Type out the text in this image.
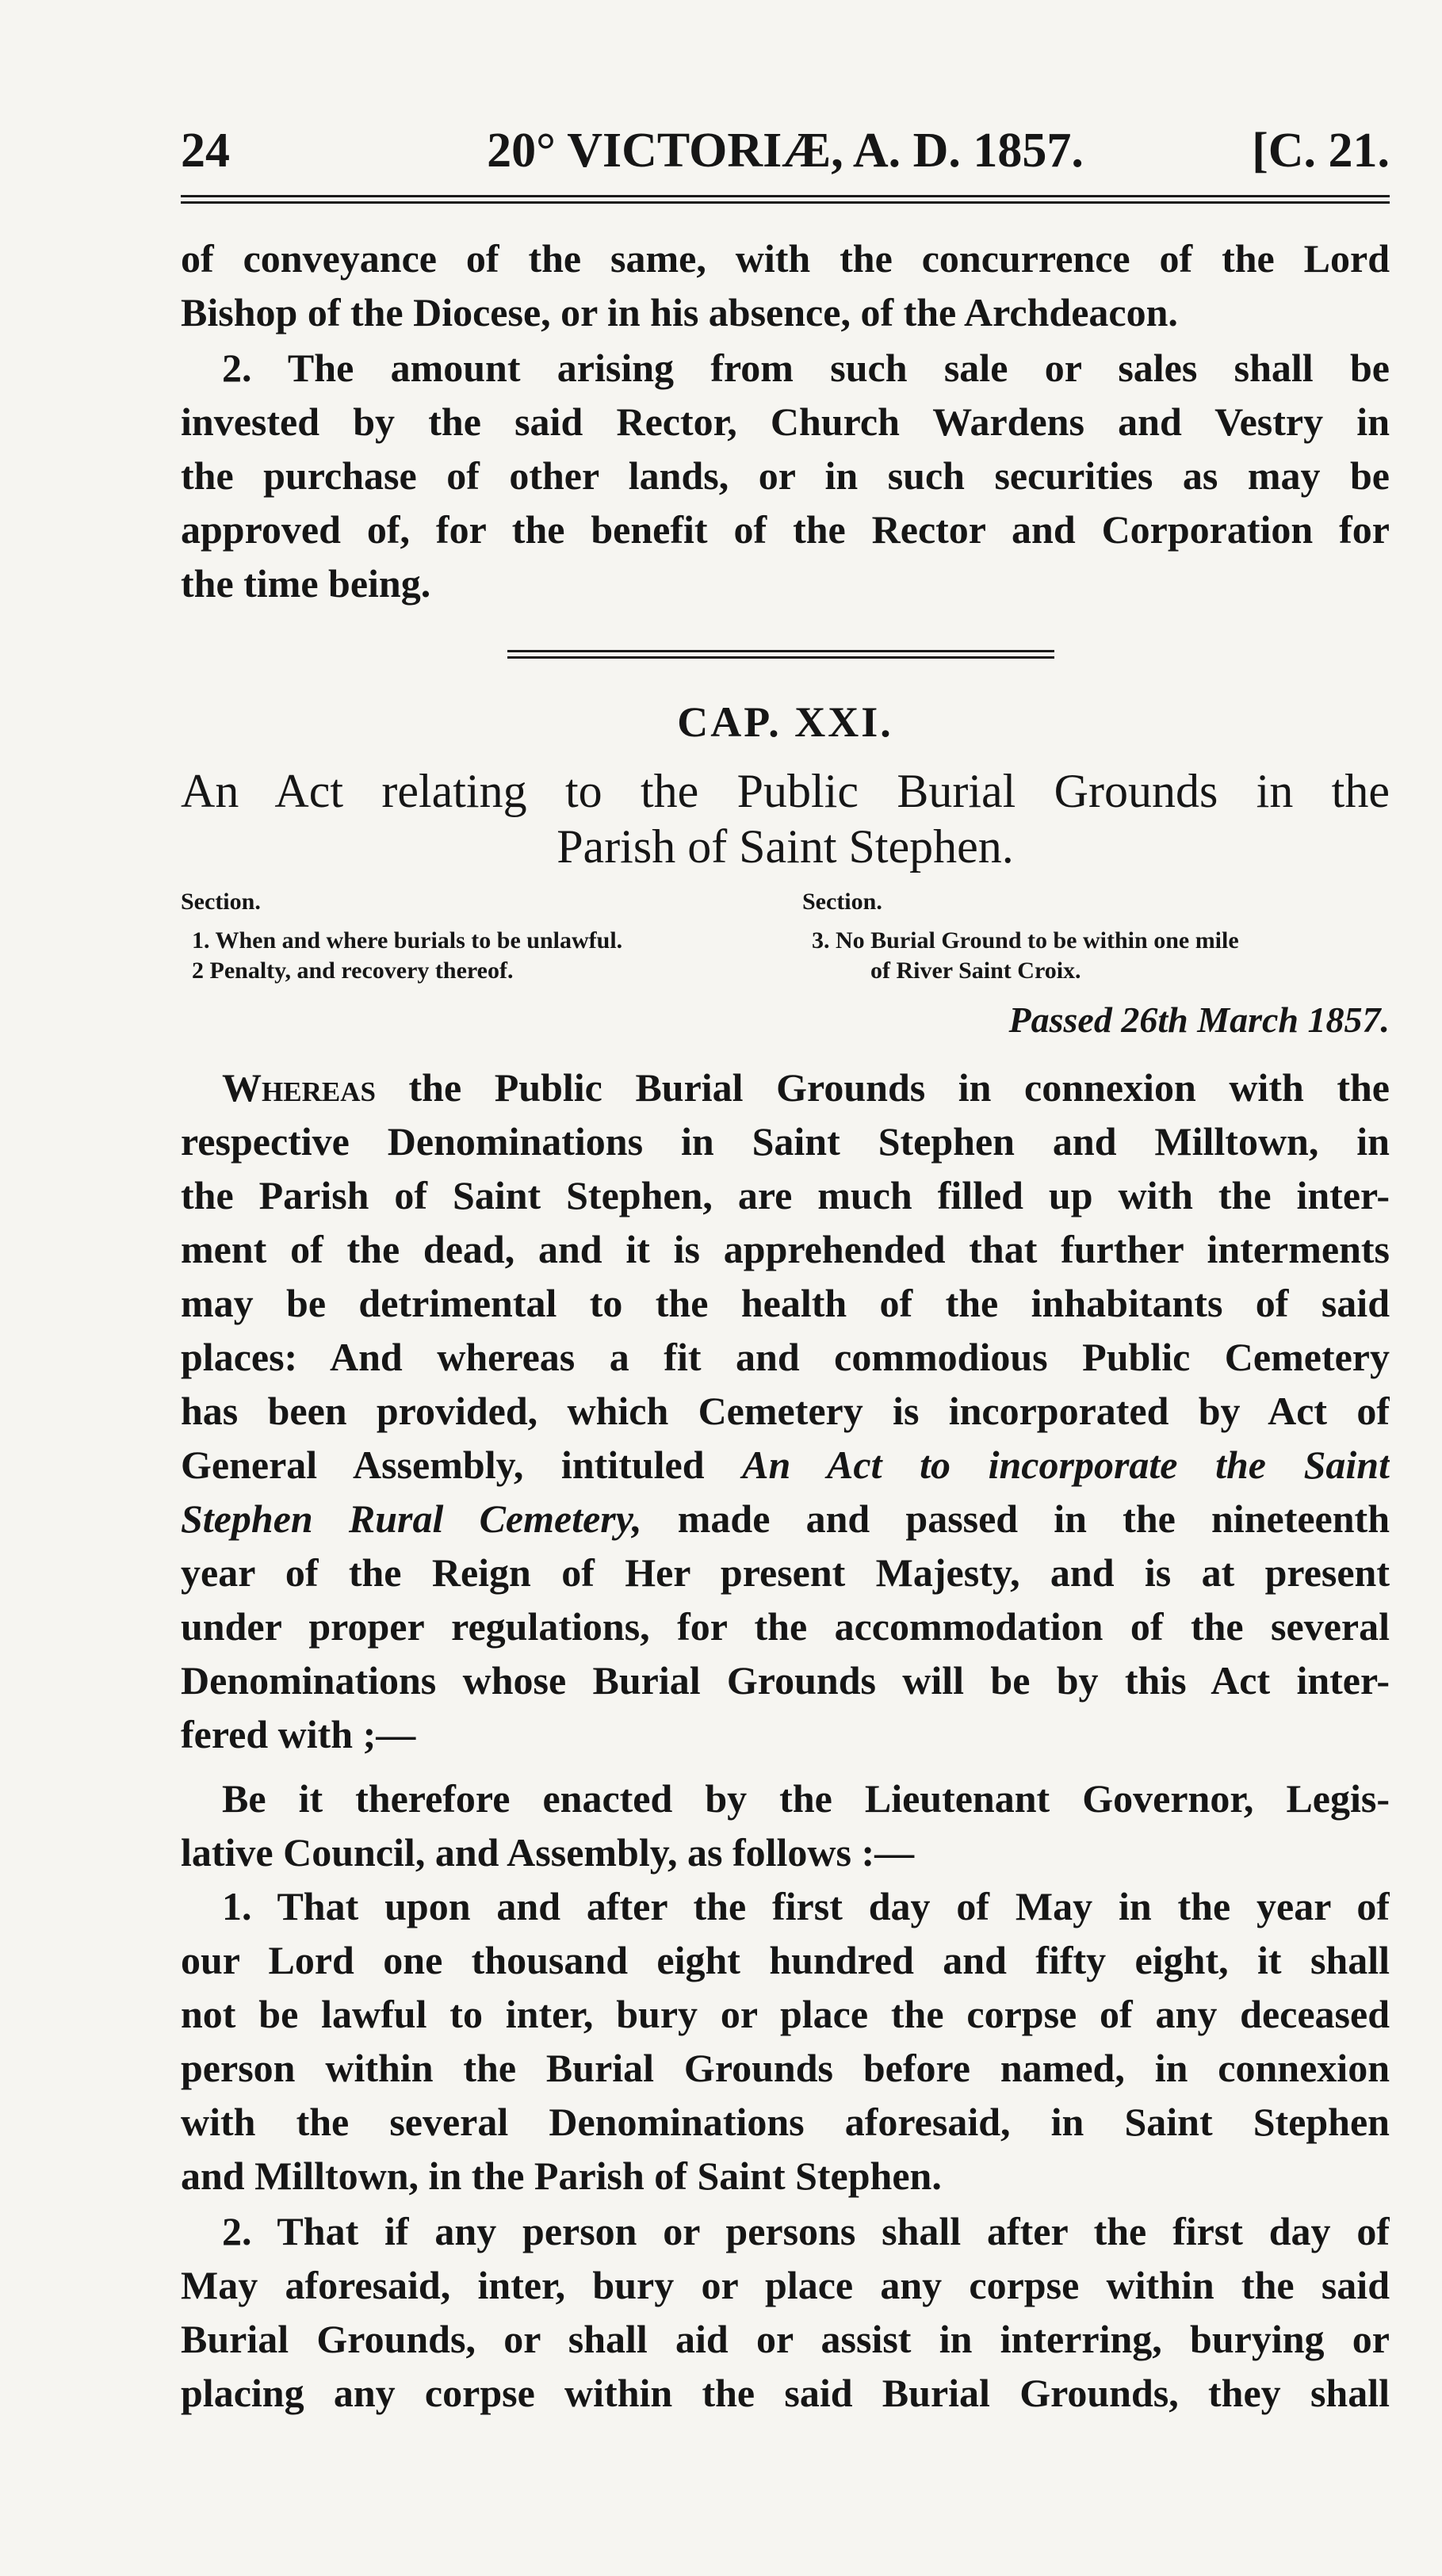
24	20° VICTORIÆ, A. D. 1857.	[C. 21.
of conveyance of the same, with the concurrence of the Lord
Bishop of the Diocese, or in his absence, of the Archdeacon.
2. The amount arising from such sale or sales shall be
invested by the said Rector, Church Wardens and Vestry in
the purchase of other lands, or in such securities as may be
approved of, for the benefit of the Rector and Corporation for
the time being.
CAP. XXI.
An Act relating to the Public Burial Grounds in the
Parish of Saint Stephen.
Section.
1. When and where burials to be unlawful.
2 Penalty, and recovery thereof.
Section.
3. No Burial Ground to be within one mile
of River Saint Croix.
Passed 26th March 1857.
Whereas the Public Burial Grounds in connexion with the
respective Denominations in Saint Stephen and Milltown, in
the Parish of Saint Stephen, are much filled up with the inter-
ment of the dead, and it is apprehended that further interments
may be detrimental to the health of the inhabitants of said
places: And whereas a fit and commodious Public Cemetery
has been provided, which Cemetery is incorporated by Act of
General Assembly, intituled An Act to incorporate the Saint
Stephen Rural Cemetery, made and passed in the nineteenth
year of the Reign of Her present Majesty, and is at present
under proper regulations, for the accommodation of the several
Denominations whose Burial Grounds will be by this Act inter-
fered with ;—
Be it therefore enacted by the Lieutenant Governor, Legis-
lative Council, and Assembly, as follows :—
1. That upon and after the first day of May in the year of
our Lord one thousand eight hundred and fifty eight, it shall
not be lawful to inter, bury or place the corpse of any deceased
person within the Burial Grounds before named, in connexion
with the several Denominations aforesaid, in Saint Stephen
and Milltown, in the Parish of Saint Stephen.
2. That if any person or persons shall after the first day of
May aforesaid, inter, bury or place any corpse within the said
Burial Grounds, or shall aid or assist in interring, burying or
placing any corpse within the said Burial Grounds, they shall
